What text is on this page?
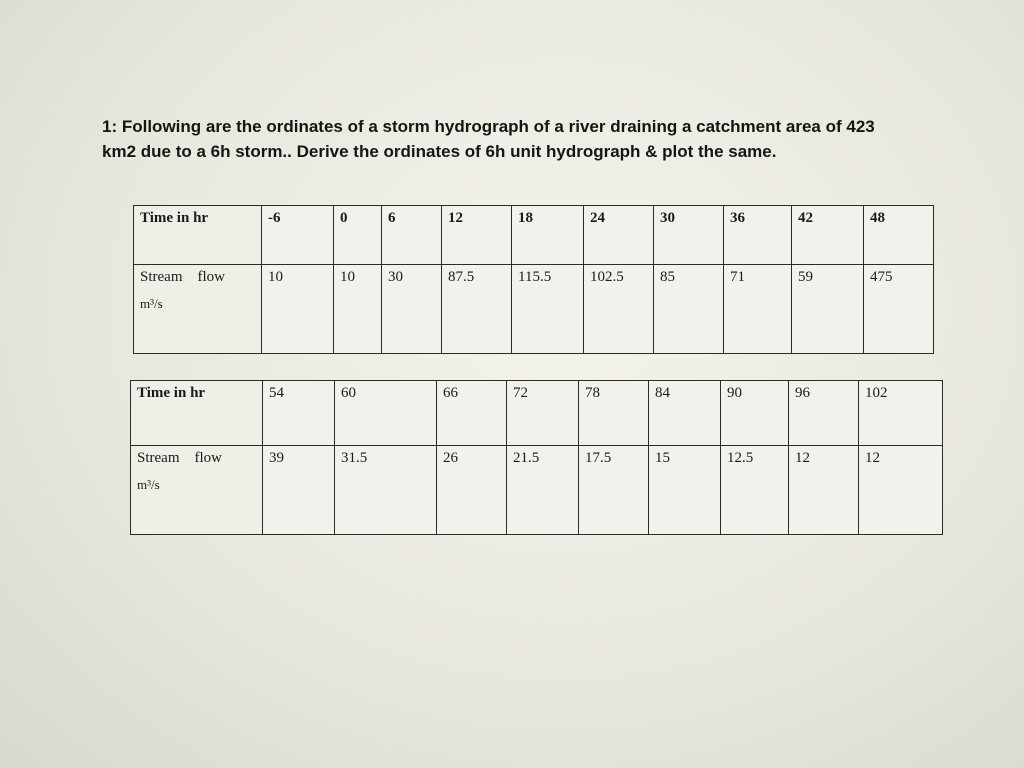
1: Following are the ordinates of a storm hydrograph of a river draining a catchment area of 423
km2 due to a 6h storm.. Derive the ordinates of 6h unit hydrograph & plot the same.
Time in hr	-6	0	6	12	18	24	30	36	42	48

Stream    flow
m³/s	10	10	30	87.5	115.5	102.5	85	71	59	475
Time in hr	54	60	66	72	78	84	90	96	102

Stream    flow
m³/s	39	31.5	26	21.5	17.5	15	12.5	12	12
